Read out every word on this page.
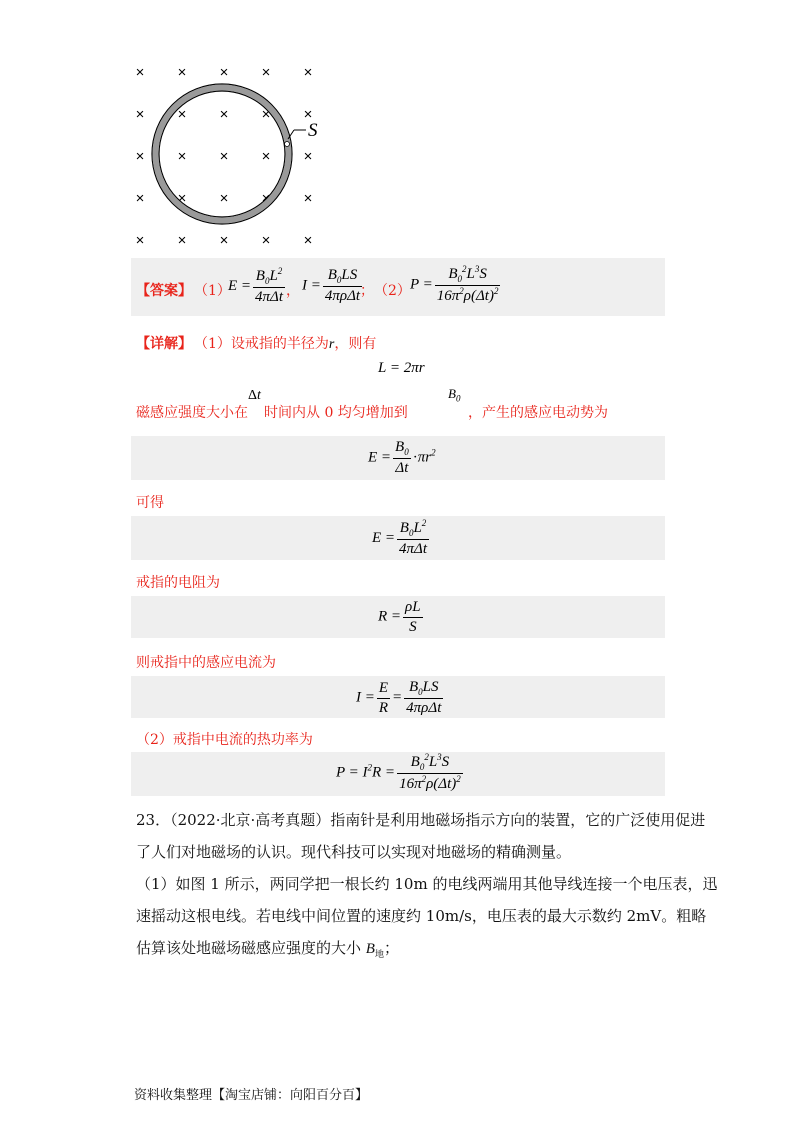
× × × × ×
× × × × ×
× × × × ×
× × × × ×
× × × × ×
S
【答案】 （1）
$E = \frac{B_0L^2}{\text{4πΔt}}$ ， $I = \frac{B_0LS}{\text{4πρΔt}}$
； （2） $P = \frac{B_0^2L^3S}{16\pi^2\rho(\Delta t)^2}$
【详解】 （1）设戒指的半径为r，则有
L = 2πr
磁感应强度大小在
Δt
时间内从 0 均匀增加到
$B_0$
，产生的感应电动势为
$E = \frac{B_0}{\Delta t} \cdot\pi r^2$
可得
$E = \frac{B_0L^2}{\text{4πΔt}}$
戒指的电阻为
$R = \frac{\rho L}{S}$
则戒指中的感应电流为
$I = \frac{E}{R} = \frac{B_0LS}{\text{4πρΔt}}$
（2）戒指中电流的热功率为
$P = I^2R = \frac{B_0^2L^3S}{16\pi^2\rho(\Delta t)^2}$
23．（2022·北京·高考真题）指南针是利用地磁场指示方向的装置，它的广泛使用促进
了人们对地磁场的认识。现代科技可以实现对地磁场的精确测量。
（1）如图 1 所示，两同学把一根长约 10m 的电线两端用其他导线连接一个电压表，迅
速摇动这根电线。若电线中间位置的速度约 10m/s，电压表的最大示数约 2mV。粗略
估算该处地磁场磁感应强度的大小 $B_地$；
资料收集整理【淘宝店铺：向阳百分百】
